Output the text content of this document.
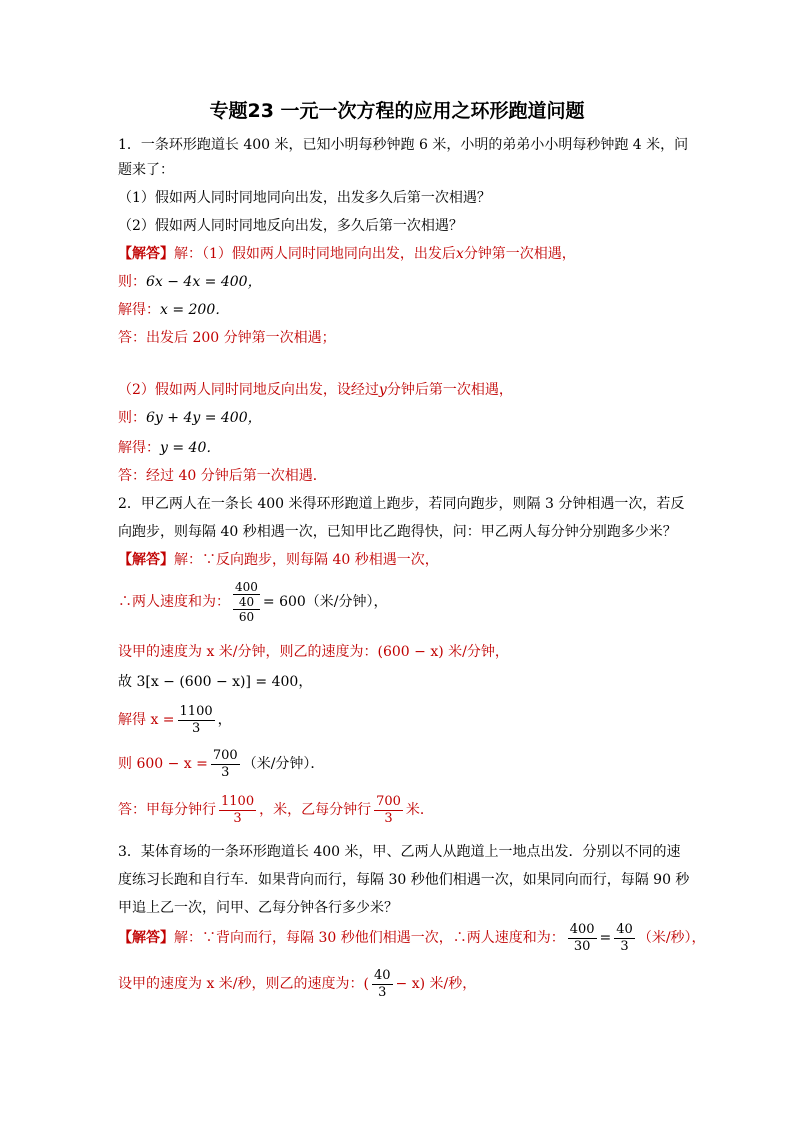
专题23 一元一次方程的应用之环形跑道问题
1．一条环形跑道长 400 米，已知小明每秒钟跑 6 米，小明的弟弟小小明每秒钟跑 4 米，问
题来了：
（1）假如两人同时同地同向出发，出发多久后第一次相遇？
（2）假如两人同时同地反向出发，多久后第一次相遇？
【解答】解：（1）假如两人同时同地同向出发，出发后x分钟第一次相遇，
则：6x − 4x = 400，
解得：x = 200．
答：出发后 200 分钟第一次相遇；
（2）假如两人同时同地反向出发，设经过y分钟后第一次相遇，
则：6y + 4y = 400，
解得：y = 40．
答：经过 40 分钟后第一次相遇．
2．甲乙两人在一条长 400 米得环形跑道上跑步，若同向跑步，则隔 3 分钟相遇一次，若反
向跑步，则每隔 40 秒相遇一次，已知甲比乙跑得快，问：甲乙两人每分钟分别跑多少米？
【解答】解：∵反向跑步，则每隔 40 秒相遇一次，
∴两人速度和为：
400
40
60
= 600（米/分钟），
设甲的速度为 x 米/分钟，则乙的速度为：(600 − x) 米/分钟，
故 3[x − (600 − x)] = 400，
解得 $x = \frac{1100}{3}$ ，
则 $600 - x = \frac{700}{3}$ （米/分钟）．
答：甲每分钟行 $\frac{1100}{3}$ ，米，乙每分钟行 $\frac{700}{3}$ 米．
3．某体育场的一条环形跑道长 400 米，甲、乙两人从跑道上一地点出发．分别以不同的速
度练习长跑和自行车．如果背向而行，每隔 30 秒他们相遇一次，如果同向而行，每隔 90 秒
甲追上乙一次，问甲、乙每分钟各行多少米？
【解答】解：∵背向而行，每隔 30 秒他们相遇一次，∴两人速度和为： $\frac{400}{30} = \frac{40}{3}$ （米/秒），
设甲的速度为 x 米/秒，则乙的速度为：( $\frac{40}{3} - x$) 米/秒，
